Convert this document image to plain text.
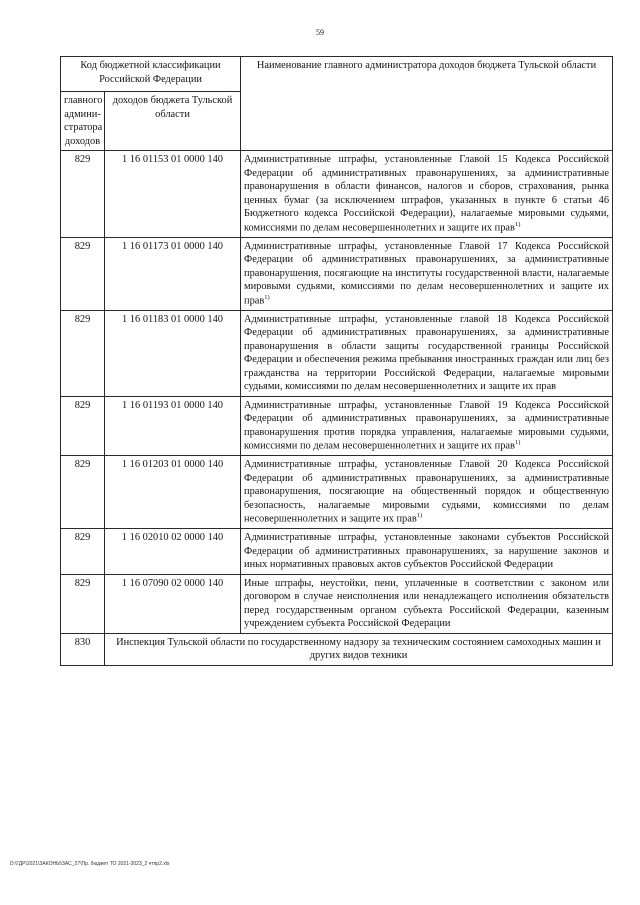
59
Код бюджетной классификации Российской Федерации		Наименование главного администратора доходов бюджета Тульской области
главного админи-стратора доходов	доходов бюджета Тульской области	
829	1 16 01153 01 0000 140	Административные штрафы, установленные Главой 15 Кодекса Российской Федерации об административных правонарушениях, за административные правонарушения в области финансов, налогов и сборов, страхования, рынка ценных бумаг (за исключением штрафов, указанных в пункте 6 статьи 46 Бюджетного кодекса Российской Федерации), налагаемые мировыми судьями, комиссиями по делам несовершеннолетних и защите их прав$^{1)}$
829	1 16 01173 01 0000 140	Административные штрафы, установленные Главой 17 Кодекса Российской Федерации об административных правонарушениях, за административные правонарушения, посягающие на институты государственной власти, налагаемые мировыми судьями, комиссиями по делам несовершеннолетних и защите их прав$^{1)}$
829	1 16 01183 01 0000 140	Административные штрафы, установленные главой 18 Кодекса Российской Федерации об административных правонарушениях, за административные правонарушения в области защиты государственной границы Российской Федерации и обеспечения режима пребывания иностранных граждан или лиц без гражданства на территории Российской Федерации, налагаемые мировыми судьями, комиссиями по делам несовершеннолетних и защите их прав
829	1 16 01193 01 0000 140	Административные штрафы, установленные Главой 19 Кодекса Российской Федерации об административных правонарушениях, за административные правонарушения против порядка управления, налагаемые мировыми судьями, комиссиями по делам несовершеннолетних и защите их прав$^{1)}$
829	1 16 01203 01 0000 140	Административные штрафы, установленные Главой 20 Кодекса Российской Федерации об административных правонарушениях, за административные правонарушения, посягающие на общественный порядок и общественную безопасность, налагаемые мировыми судьями, комиссиями по делам несовершеннолетних и защите их прав$^{1)}$
829	1 16 02010 02 0000 140	Административные штрафы, установленные законами субъектов Российской Федерации об административных правонарушениях, за нарушение законов и иных нормативных правовых актов субъектов Российской Федерации
829	1 16 07090 02 0000 140	Иные штрафы, неустойки, пени, уплаченные в соответствии с законом или договором в случае неисполнения или ненадлежащего исполнения обязательств перед государственным органом субъекта Российской Федерации, казенным учреждением субъекта Российской Федерации
830	Инспекция Тульской области по государственному надзору за техническим состоянием самоходных машин и других видов техники	
D:\ГДР\2021\ЗАКОНЫ\ЗАС_27\Пр. бюджет ТО 2021-2023_2 чтпр2.xls
